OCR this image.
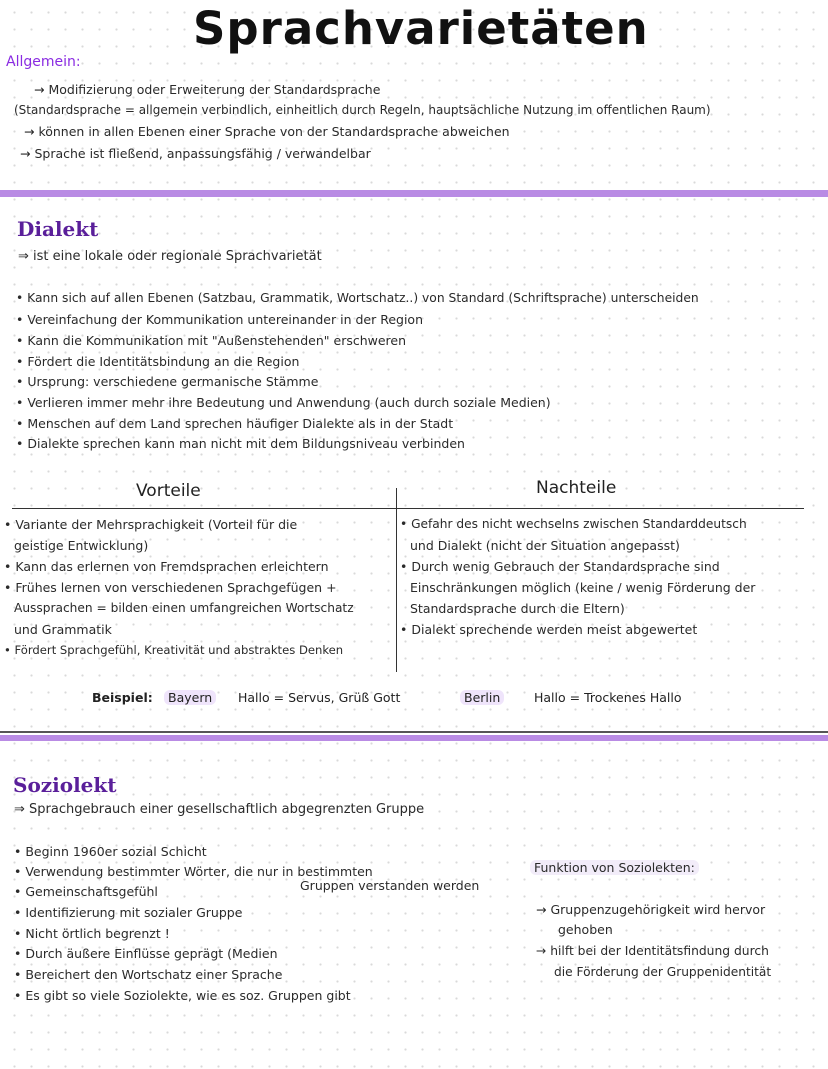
Sprachvarietäten
Allgemein:
→ Modifizierung oder Erweiterung der Standardsprache
(Standardsprache = allgemein verbindlich, einheitlich durch Regeln, hauptsächliche Nutzung im offentlichen Raum)
→ können in allen Ebenen einer Sprache von der Standardsprache abweichen
→ Sprache ist fließend, anpassungsfähig / verwandelbar
Dialekt
⇒ ist eine lokale oder regionale Sprachvarietät
• Kann sich auf allen Ebenen (Satzbau, Grammatik, Wortschatz..) von Standard (Schriftsprache) unterscheiden
• Vereinfachung der Kommunikation untereinander in der Region
• Kann die Kommunikation mit "Außenstehenden" erschweren
• Fördert die Identitätsbindung an die Region
• Ursprung: verschiedene germanische Stämme
• Verlieren immer mehr ihre Bedeutung und Anwendung (auch durch soziale Medien)
• Menschen auf dem Land sprechen häufiger Dialekte als in der Stadt
• Dialekte sprechen kann man nicht mit dem Bildungsniveau verbinden
Vorteile	Nachteile
• Variante der Mehrsprachigkeit (Vorteil für die
geistige Entwicklung)
• Kann das erlernen von Fremdsprachen erleichtern
• Frühes lernen von verschiedenen Sprachgefügen +
Aussprachen = bilden einen umfangreichen Wortschatz
und Grammatik
• Fördert Sprachgefühl, Kreativität und abstraktes Denken
• Gefahr des nicht wechselns zwischen Standarddeutsch
und Dialekt (nicht der Situation angepasst)
• Durch wenig Gebrauch der Standardsprache sind
Einschränkungen möglich (keine / wenig Förderung der
Standardsprache durch die Eltern)
• Dialekt sprechende werden meist abgewertet
Beispiel:	Bayern	Hallo = Servus, Grüß Gott	Berlin	Hallo = Trockenes Hallo
Soziolekt
⇒ Sprachgebrauch einer gesellschaftlich abgegrenzten Gruppe
• Beginn 1960er sozial Schicht
• Verwendung bestimmter Wörter, die nur in bestimmten
Gruppen verstanden werden
• Gemeinschaftsgefühl
• Identifizierung mit sozialer Gruppe
• Nicht örtlich begrenzt !
• Durch äußere Einflüsse geprägt (Medien
• Bereichert den Wortschatz einer Sprache
• Es gibt so viele Soziolekte, wie es soz. Gruppen gibt
Funktion von Soziolekten:
→ Gruppenzugehörigkeit wird hervor
gehoben
→ hilft bei der Identitätsfindung durch
die Förderung der Gruppenidentität
